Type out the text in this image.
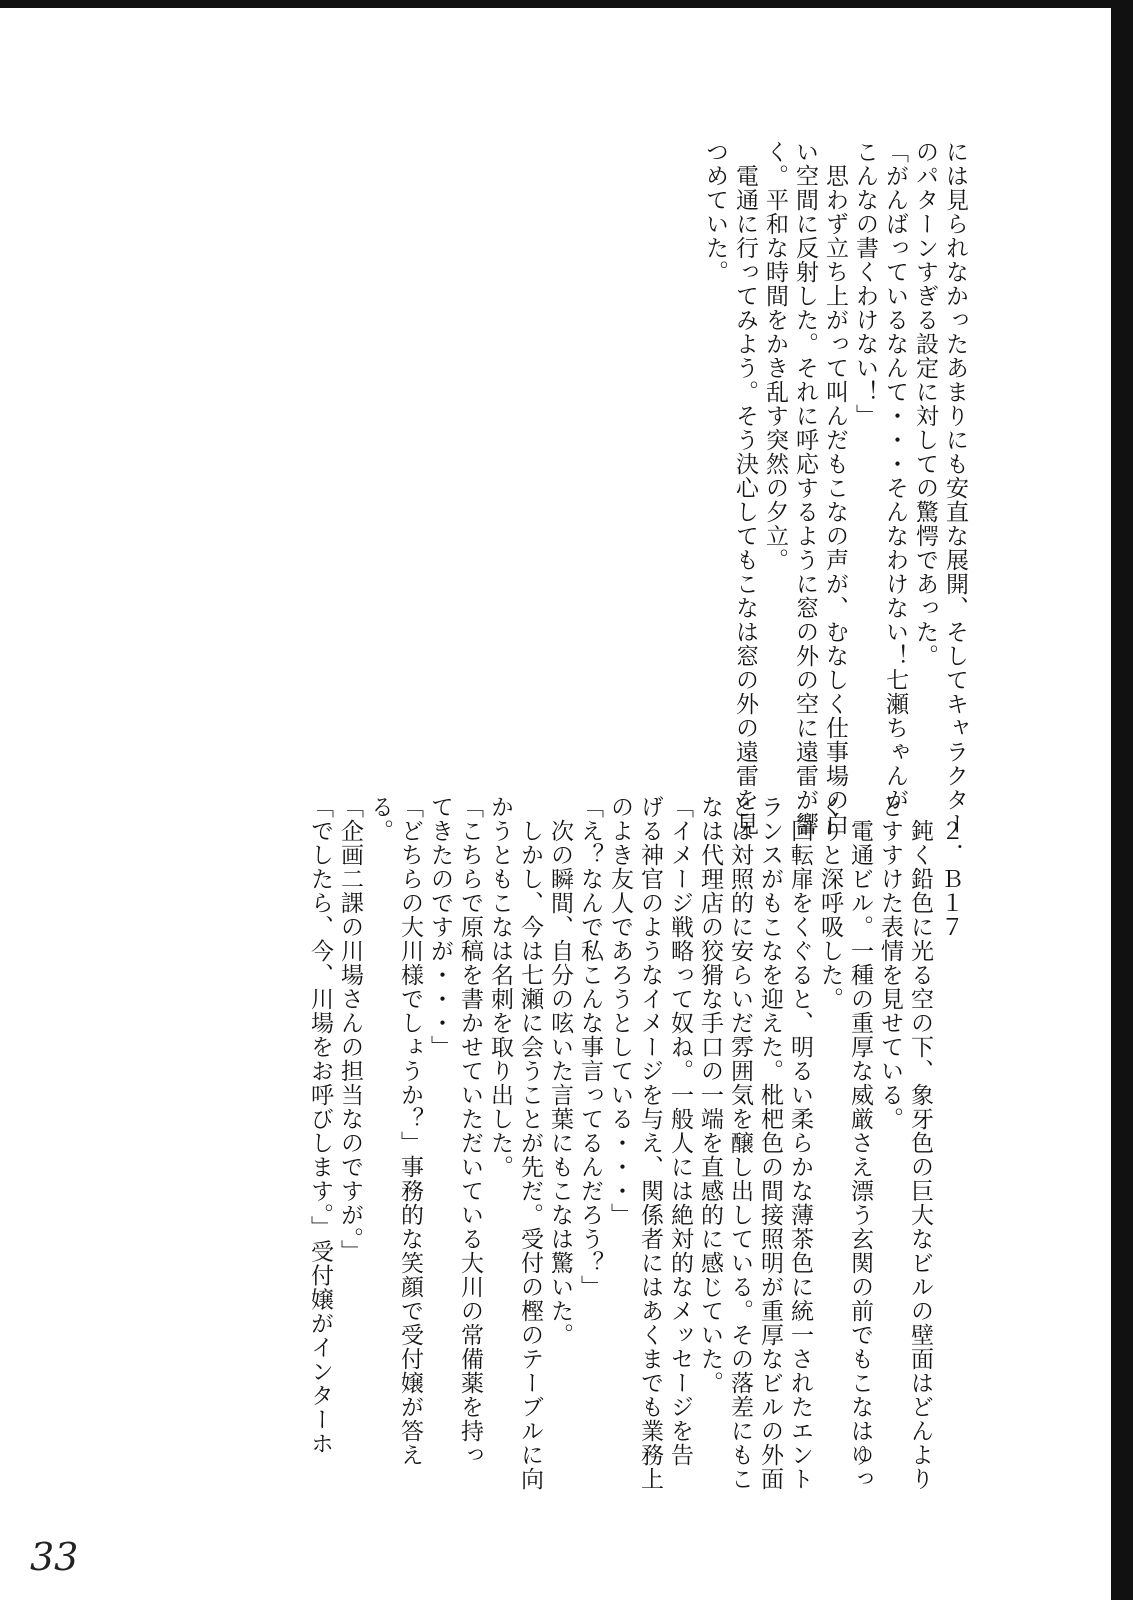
には見られなかったあまりにも安直な展開、そしてキャラクター

のパターンすぎる設定に対しての驚愕であった。

「がんばっているなんて・・・そんなわけない！七瀬ちゃんが

こんなの書くわけない！」

　思わず立ち上がって叫んだもこなの声が、むなしく仕事場の白

い空間に反射した。それに呼応するように窓の外の空に遠雷が響

く。平和な時間をかき乱す突然の夕立。

　電通に行ってみよう。そう決心してもこなは窓の外の遠雷を見

つめていた。

　２．Ｂ１７

　鈍く鉛色に光る空の下、象牙色の巨大なビルの壁面はどんより

とすすけた表情を見せている。

　電通ビル。一種の重厚な威厳さえ漂う玄関の前でもこなはゆっ

くりと深呼吸した。

　回転扉をくぐると、明るい柔らかな薄茶色に統一されたエント

ランスがもこなを迎えた。枇杷色の間接照明が重厚なビルの外面

とは対照的に安らいだ雰囲気を醸し出している。その落差にもこ

なは代理店の狡猾な手口の一端を直感的に感じていた。

「イメージ戦略って奴ね。一般人には絶対的なメッセージを告

げる神官のようなイメージを与え、関係者にはあくまでも業務上

のよき友人であろうとしている・・・」

「え？なんで私こんな事言ってるんだろう？」

　次の瞬間、自分の呟いた言葉にもこなは驚いた。

　しかし、今は七瀬に会うことが先だ。受付の樫のテーブルに向

かうともこなは名刺を取り出した。

「こちらで原稿を書かせていただいている大川の常備薬を持っ

てきたのですが・・・」

「どちらの大川様でしょうか？」事務的な笑顔で受付嬢が答え

る。

「企画二課の川場さんの担当なのですが。」

「でしたら、今、川場をお呼びします。」受付嬢がインターホ

33
